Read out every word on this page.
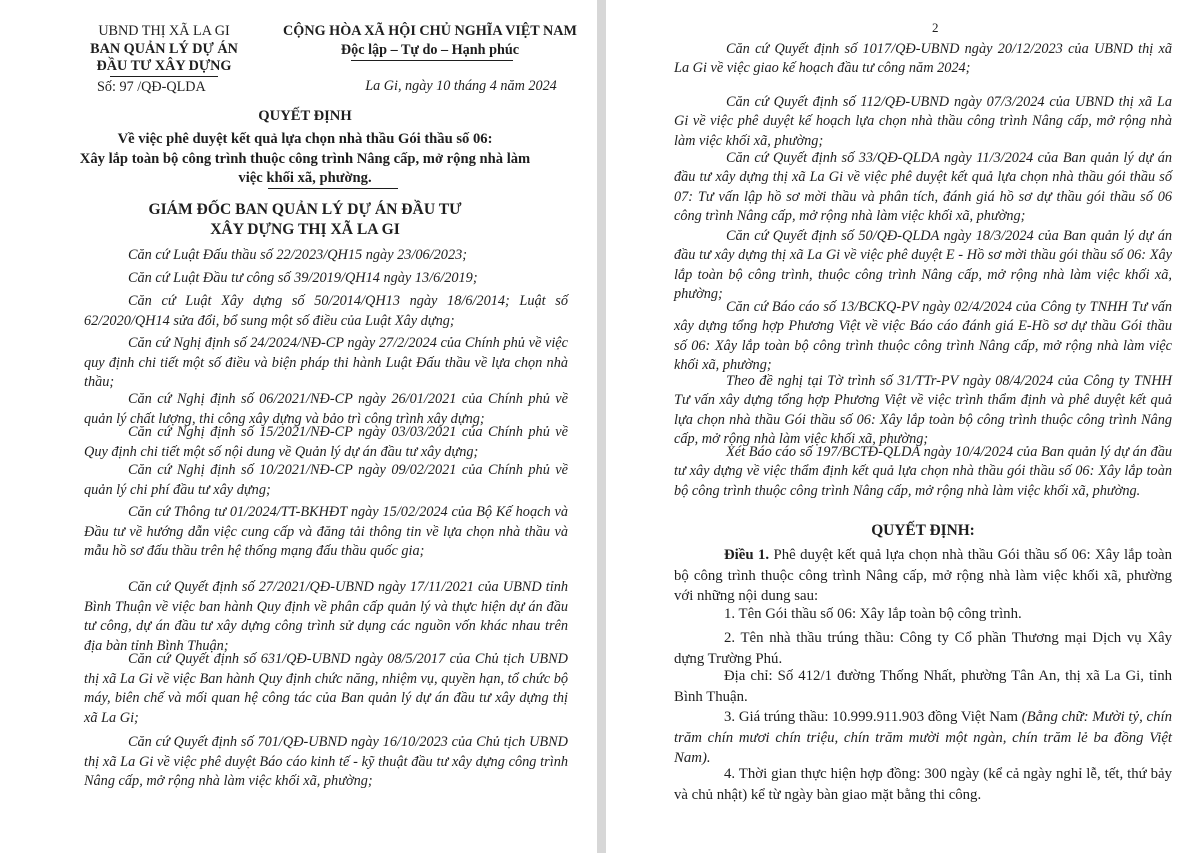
UBND THỊ XÃ LA GI
BAN QUẢN LÝ DỰ ÁN
ĐẦU TƯ XÂY DỰNG
Số: 97 /QĐ-QLDA
CỘNG HÒA XÃ HỘI CHỦ NGHĨA VIỆT NAM
Độc lập – Tự do – Hạnh phúc
La Gi, ngày 10 tháng 4 năm 2024
QUYẾT ĐỊNH
Về việc phê duyệt kết quả lựa chọn nhà thầu Gói thầu số 06:
Xây lắp toàn bộ công trình thuộc công trình Nâng cấp, mở rộng nhà làm
việc khối xã, phường.
GIÁM ĐỐC BAN QUẢN LÝ DỰ ÁN ĐẦU TƯ
XÂY DỰNG THỊ XÃ LA GI
Căn cứ Luật Đấu thầu số 22/2023/QH15 ngày 23/06/2023;
Căn cứ Luật Đầu tư công số 39/2019/QH14 ngày 13/6/2019;
Căn cứ Luật Xây dựng số 50/2014/QH13 ngày 18/6/2014; Luật số 62/2020/QH14 sửa đổi, bổ sung một số điều của Luật Xây dựng;
Căn cứ Nghị định số 24/2024/NĐ-CP ngày 27/2/2024 của Chính phủ về việc quy định chi tiết một số điều và biện pháp thi hành Luật Đấu thầu về lựa chọn nhà thầu;
Căn cứ Nghị định số 06/2021/NĐ-CP ngày 26/01/2021 của Chính phủ về quản lý chất lượng, thi công xây dựng và bảo trì công trình xây dựng;
Căn cứ Nghị định số 15/2021/NĐ-CP ngày 03/03/2021 của Chính phủ về Quy định chi tiết một số nội dung về Quản lý dự án đầu tư xây dựng;
Căn cứ Nghị định số 10/2021/NĐ-CP ngày 09/02/2021 của Chính phủ về quản lý chi phí đầu tư xây dựng;
Căn cứ Thông tư 01/2024/TT-BKHĐT ngày 15/02/2024 của Bộ Kế hoạch và Đầu tư về hướng dẫn việc cung cấp và đăng tải thông tin về lựa chọn nhà thầu và mẫu hồ sơ đấu thầu trên hệ thống mạng đấu thầu quốc gia;
Căn cứ Quyết định số 27/2021/QĐ-UBND ngày 17/11/2021 của UBND tỉnh Bình Thuận về việc ban hành Quy định về phân cấp quản lý và thực hiện dự án đầu tư công, dự án đầu tư xây dựng công trình sử dụng các nguồn vốn khác nhau trên địa bàn tỉnh Bình Thuận;
Căn cứ Quyết định số 631/QĐ-UBND ngày 08/5/2017 của Chủ tịch UBND thị xã La Gi về việc Ban hành Quy định chức năng, nhiệm vụ, quyền hạn, tổ chức bộ máy, biên chế và mối quan hệ công tác của Ban quản lý dự án đầu tư xây dựng thị xã La Gi;
Căn cứ Quyết định số 701/QĐ-UBND ngày 16/10/2023 của Chủ tịch UBND thị xã La Gi về việc phê duyệt Báo cáo kinh tế - kỹ thuật đầu tư xây dựng công trình Nâng cấp, mở rộng nhà làm việc khối xã, phường;
2
Căn cứ Quyết định số 1017/QĐ-UBND ngày 20/12/2023 của UBND thị xã La Gi về việc giao kế hoạch đầu tư công năm 2024;
Căn cứ Quyết định số 112/QĐ-UBND ngày 07/3/2024 của UBND thị xã La Gi về việc phê duyệt kế hoạch lựa chọn nhà thầu công trình Nâng cấp, mở rộng nhà làm việc khối xã, phường;
Căn cứ Quyết định số 33/QĐ-QLDA ngày 11/3/2024 của Ban quản lý dự án đầu tư xây dựng thị xã La Gi về việc phê duyệt kết quả lựa chọn nhà thầu gói thầu số 07: Tư vấn lập hồ sơ mời thầu và phân tích, đánh giá hồ sơ dự thầu gói thầu số 06 công trình Nâng cấp, mở rộng nhà làm việc khối xã, phường;
Căn cứ Quyết định số 50/QĐ-QLDA ngày 18/3/2024 của Ban quản lý dự án đầu tư xây dựng thị xã La Gi về việc phê duyệt E - Hồ sơ mời thầu gói thầu số 06: Xây lắp toàn bộ công trình, thuộc công trình Nâng cấp, mở rộng nhà làm việc khối xã, phường;
Căn cứ Báo cáo số 13/BCKQ-PV ngày 02/4/2024 của Công ty TNHH Tư vấn xây dựng tổng hợp Phương Việt về việc Báo cáo đánh giá E-Hồ sơ dự thầu Gói thầu số 06: Xây lắp toàn bộ công trình thuộc công trình Nâng cấp, mở rộng nhà làm việc khối xã, phường;
Theo đề nghị tại Tờ trình số 31/TTr-PV ngày 08/4/2024 của Công ty TNHH Tư vấn xây dựng tổng hợp Phương Việt về việc trình thẩm định và phê duyệt kết quả lựa chọn nhà thầu Gói thầu số 06: Xây lắp toàn bộ công trình thuộc công trình Nâng cấp, mở rộng nhà làm việc khối xã, phường;
Xét Báo cáo số 197/BCTĐ-QLDA ngày 10/4/2024 của Ban quản lý dự án đầu tư xây dựng về việc thẩm định kết quả lựa chọn nhà thầu gói thầu số 06: Xây lắp toàn bộ công trình thuộc công trình Nâng cấp, mở rộng nhà làm việc khối xã, phường.
QUYẾT ĐỊNH:
Điều 1. Phê duyệt kết quả lựa chọn nhà thầu Gói thầu số 06: Xây lắp toàn bộ công trình thuộc công trình Nâng cấp, mở rộng nhà làm việc khối xã, phường với những nội dung sau:
1. Tên Gói thầu số 06: Xây lắp toàn bộ công trình.
2. Tên nhà thầu trúng thầu: Công ty Cổ phần Thương mại Dịch vụ Xây dựng Trường Phú.
Địa chỉ: Số 412/1 đường Thống Nhất, phường Tân An, thị xã La Gi, tỉnh Bình Thuận.
3. Giá trúng thầu: 10.999.911.903 đồng Việt Nam (Bằng chữ: Mười tỷ, chín trăm chín mươi chín triệu, chín trăm mười một ngàn, chín trăm lẻ ba đồng Việt Nam).
4. Thời gian thực hiện hợp đồng: 300 ngày (kể cả ngày nghỉ lễ, tết, thứ bảy và chủ nhật) kể từ ngày bàn giao mặt bằng thi công.
